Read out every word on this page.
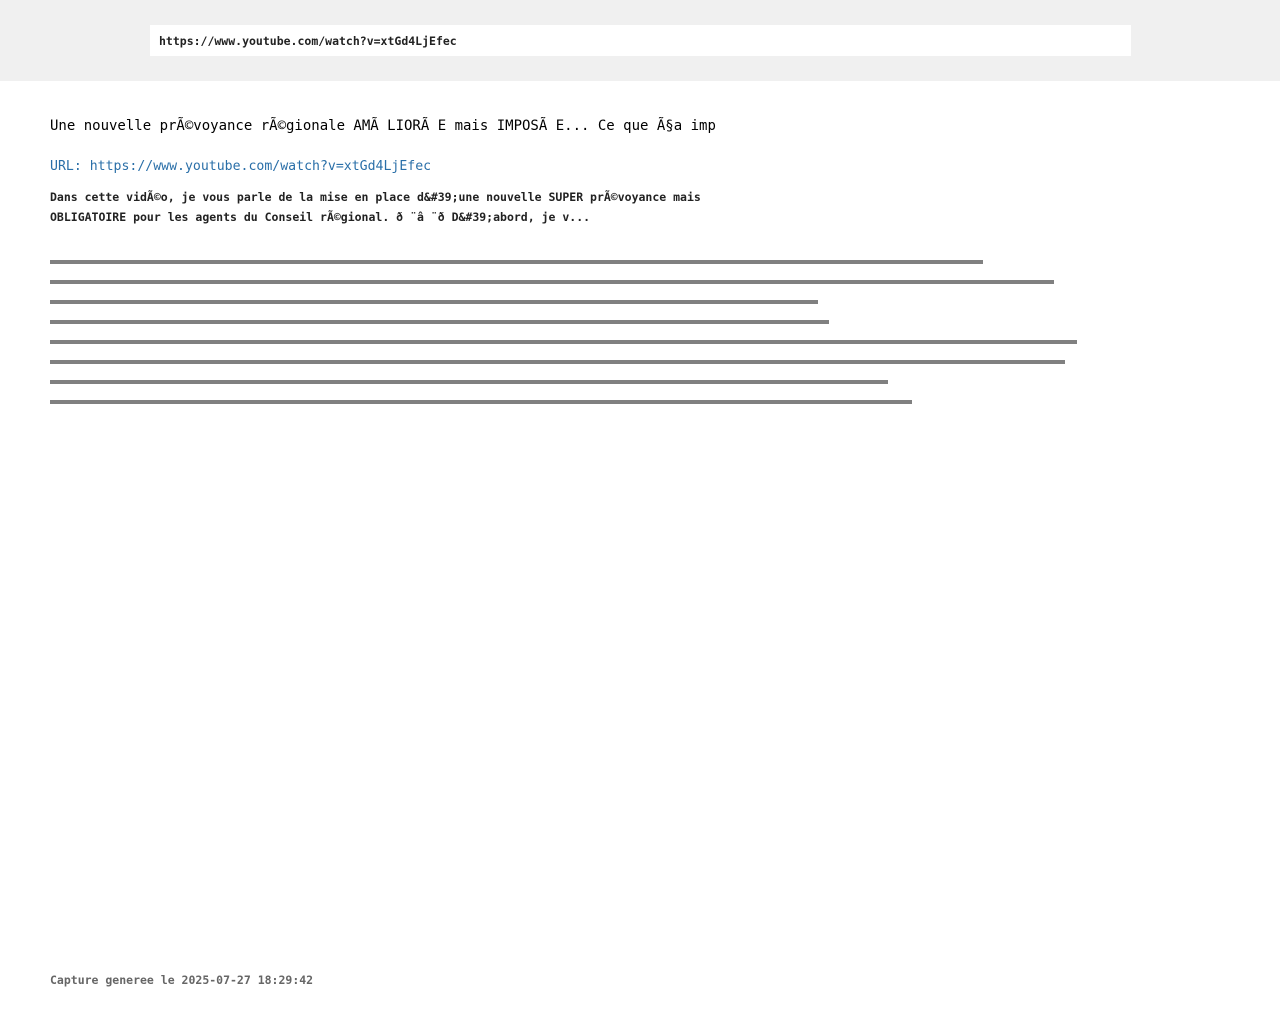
https://www.youtube.com/watch?v=xtGd4LjEfec
Une nouvelle prÃ©voyance rÃ©gionale AMÃ LIORÃ E mais IMPOSÃ E... Ce que Ã§a imp
URL: https://www.youtube.com/watch?v=xtGd4LjEfec
Dans cette vidÃ©o, je vous parle de la mise en place d&#39;une nouvelle SUPER prÃ©voyance mais
OBLIGATOIRE pour les agents du Conseil rÃ©gional. ð ¨â ¨ð D&#39;abord, je v...
Capture generee le 2025-07-27 18:29:42
